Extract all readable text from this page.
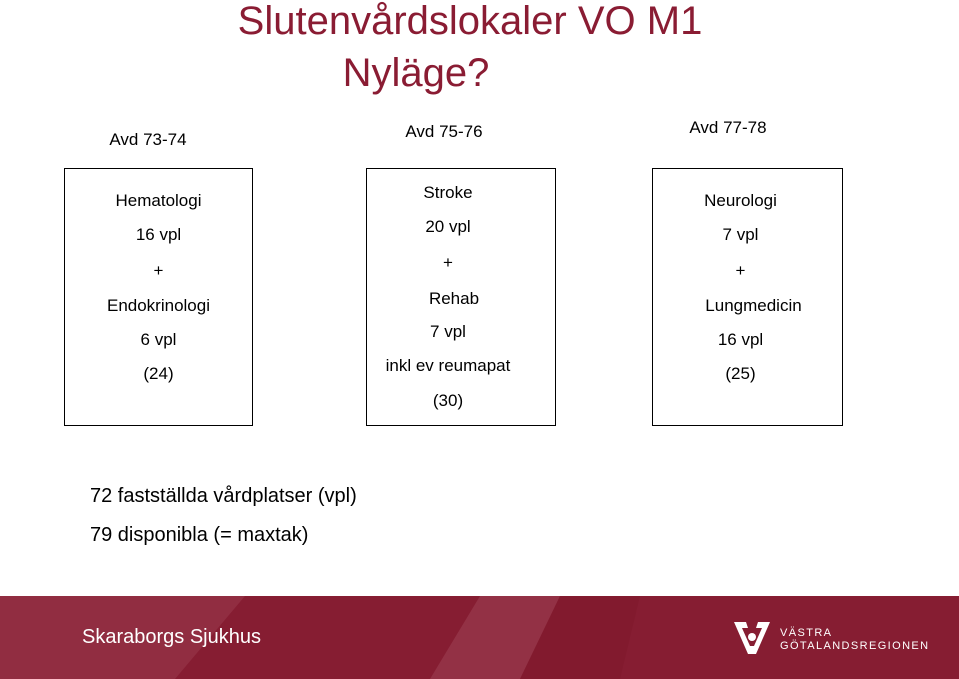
Slutenvårdslokaler VO M1
Nyläge?
Avd 73-74
Hematologi
16 vpl
+
Endokrinologi
6 vpl
(24)
Avd 75-76
Stroke
20 vpl
+
Rehab
7 vpl
inkl ev reumapat
(30)
Avd 77-78
Neurologi
7 vpl
+
Lungmedicin
16 vpl
(25)
72 fastställda vårdplatser (vpl)
79 disponibla (= maxtak)
Skaraborgs Sjukhus	VÄSTRA
GÖTALANDSREGIONEN
